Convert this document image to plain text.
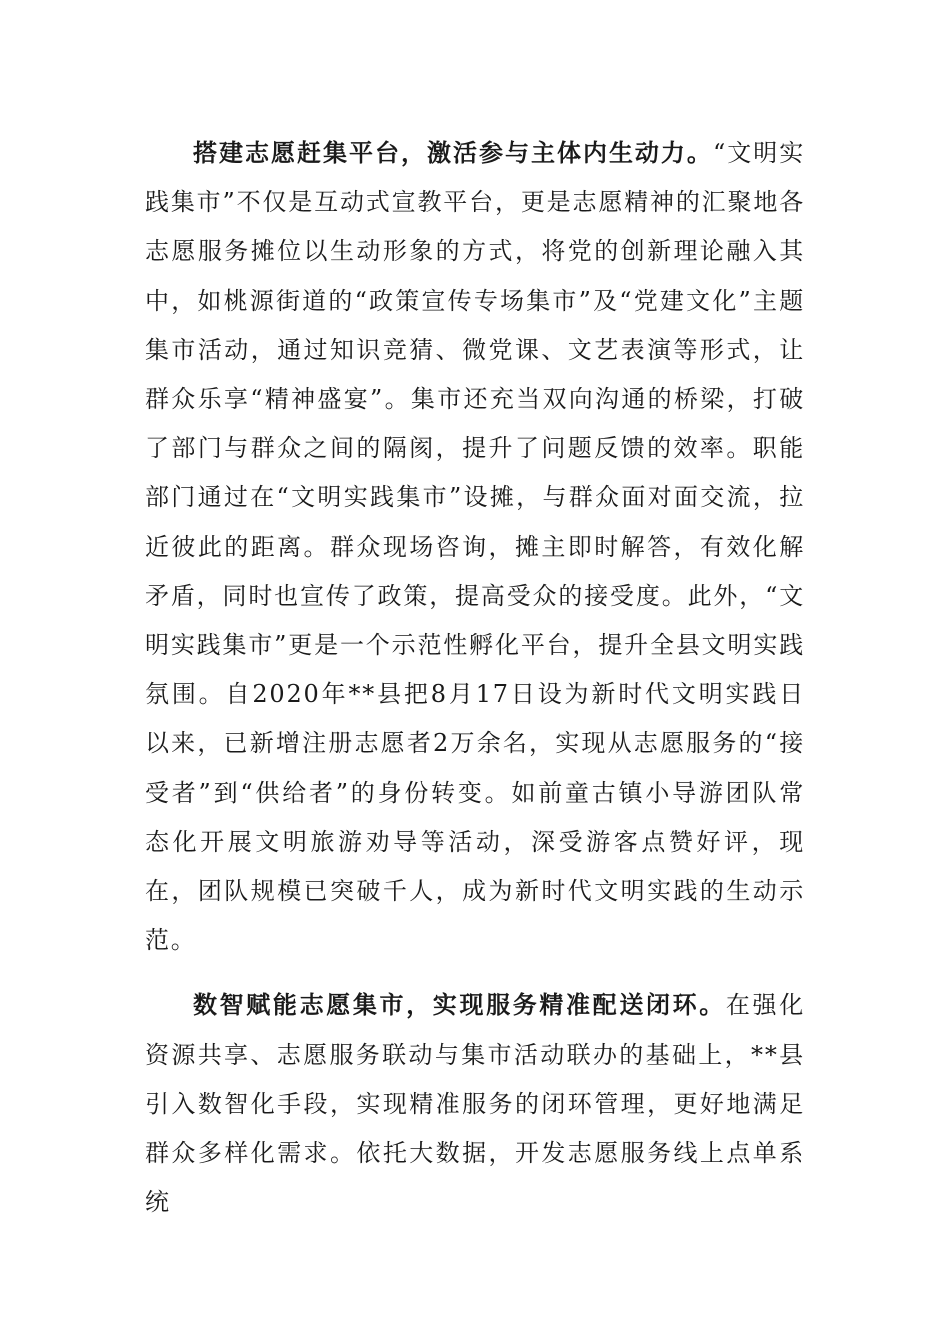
搭建志愿赶集平台，激活参与主体内生动力。“文明实践集市”不仅是互动式宣教平台，更是志愿精神的汇聚地各志愿服务摊位以生动形象的方式，将党的创新理论融入其中，如桃源街道的“政策宣传专场集市”及“党建文化”主题集市活动，通过知识竞猜、微党课、文艺表演等形式，让群众乐享“精神盛宴”。集市还充当双向沟通的桥梁，打破了部门与群众之间的隔阂，提升了问题反馈的效率。职能部门通过在“文明实践集市”设摊，与群众面对面交流，拉近彼此的距离。群众现场咨询，摊主即时解答，有效化解矛盾，同时也宣传了政策，提高受众的接受度。此外，“文明实践集市”更是一个示范性孵化平台，提升全县文明实践氛围。自2020年**县把8月17日设为新时代文明实践日以来，已新增注册志愿者2万余名，实现从志愿服务的“接受者”到“供给者”的身份转变。如前童古镇小导游团队常态化开展文明旅游劝导等活动，深受游客点赞好评，现在，团队规模已突破千人，成为新时代文明实践的生动示范。

数智赋能志愿集市，实现服务精准配送闭环。在强化资源共享、志愿服务联动与集市活动联办的基础上，**县引入数智化手段，实现精准服务的闭环管理，更好地满足群众多样化需求。依托大数据，开发志愿服务线上点单系统
